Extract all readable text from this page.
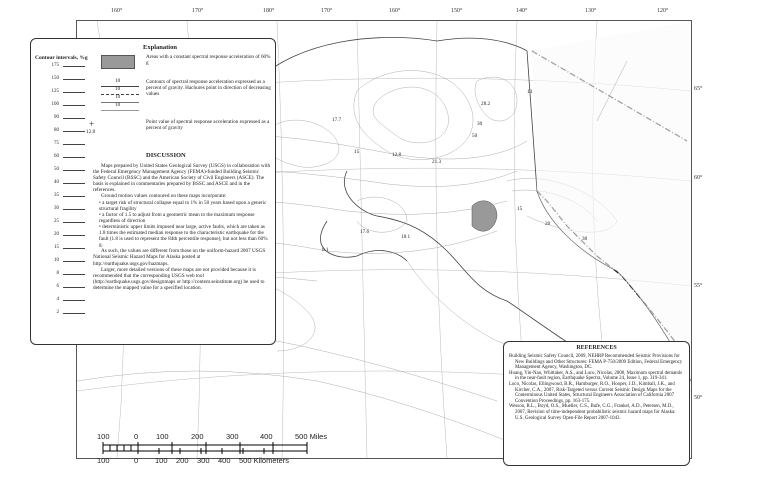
160°	170°	180°	170°	160°	150°	140°	130°	120°
65°
60°
55°
50°
17.7
28.2
12.8
21.3
17.6
18.1
8.1
15
30
50
13
15
20
30
Explanation
Contour intervals, %g
175
150
125
100
90
80
75
60
50
40
35
30
25
20
15
10
8
6
4
2
Areas with a constant spectral response acceleration of 60% g
10
10
10
10
Contours of spectral response acceleration expressed as a percent of gravity. Hachures point in direction of decreasing values
+
12.8
Point value of spectral response acceleration expressed as a percent of gravity
DISCUSSION
Maps prepared by United States Geological Survey (USGS) in collaboration with the Federal Emergency Management Agency (FEMA)-funded Building Seismic Safety Council (BSSC) and the American Society of Civil Engineers (ASCE). The basis is explained in commentaries prepared by BSSC and ASCE and in the references.
Ground motion values contoured on these maps incorporate:
• a target risk of structural collapse equal to 1% in 50 years based upon a generic structural fragility
• a factor of 1.5 to adjust from a geometric mean to the maximum response regardless of direction
• deterministic upper limits imposed near large, active faults, which are taken as 1.8 times the estimated median response to the characteristic earthquake for the fault (1.8 is used to represent the 84th percentile response), but not less than 60% g.
As such, the values are different from those on the uniform-hazard 2007 USGS National Seismic Hazard Maps for Alaska posted at http://earthquake.usgs.gov/hazmaps.
Larger, more detailed versions of these maps are not provided because it is recommended that the corresponding USGS web tool (http://earthquake.usgs.gov/designmaps or http://content.seinstitute.org) be used to determine the mapped value for a specified location.
REFERENCES
Building Seismic Safety Council, 2009, NEHRP Recommended Seismic Provisions for New Buildings and Other Structures: FEMA P-750/2009 Edition, Federal Emergency Management Agency, Washington, DC.
Huang, Yin-Nan, Whittaker, A.S., and Luco, Nicolas, 2008, Maximum spectral demands in the near-fault region, Earthquake Spectra, Volume 24, Issue 1, pp. 319-341.
Luco, Nicolas, Ellingwood, B.R., Hamburger, R.O., Hooper, J.D., Kimball, J.K., and Kircher, C.A., 2007, Risk-Targeted versus Current Seismic Design Maps for the Conterminous United States, Structural Engineers Association of California 2007 Convention Proceedings, pp. 163-175.
Wesson, R.L., Boyd, O.S., Mueller, C.S., Bufe, C.G., Frankel, A.D., Petersen, M.D., 2007, Revision of time-independent probabilistic seismic hazard maps for Alaska: U.S. Geological Survey Open-File Report 2007-1043.
100	0 100	200	300	400	500 Miles
100	0 100 200 300 400 500 Kilometers
